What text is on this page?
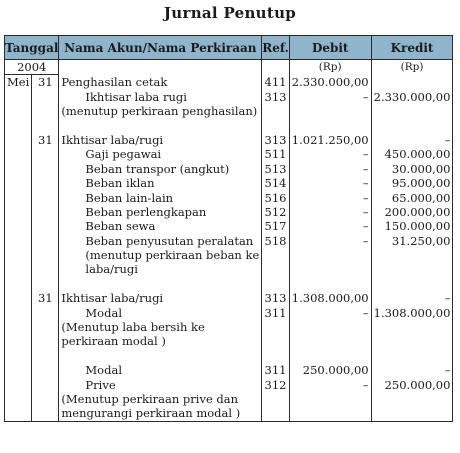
Jurnal Penutup
Tanggal		Nama Akun/Nama Perkiraan	Ref.	Debit	Kredit
2004				(Rp)	(Rp)
Mei	31	Penghasilan cetak	411	2.330.000,00	
		Ikhtisar laba rugi	313	–	2.330.000,00
		(menutup perkiraan penghasilan)			

	31	Ikhtisar laba/rugi	313	1.021.250,00	–
		Gaji pegawai	511	–	450.000,00
		Beban transpor (angkut)	513	–	30.000,00
		Beban iklan	514	–	95.000,00
		Beban lain-lain	516	–	65.000,00
		Beban perlengkapan	512	–	200.000,00
		Beban sewa	517	–	150.000,00
		Beban penyusutan peralatan	518	–	31.250,00
		(menutup perkiraan beban ke			
		laba/rugi			

	31	Ikhtisar laba/rugi	313	1.308.000,00	–
		Modal	311	–	1.308.000,00
		(Menutup laba bersih ke			
		perkiraan modal )			

		Modal	311	250.000,00	–
		Prive	312	–	250.000,00
		(Menutup perkiraan prive dan			
		mengurangi perkiraan modal )			
